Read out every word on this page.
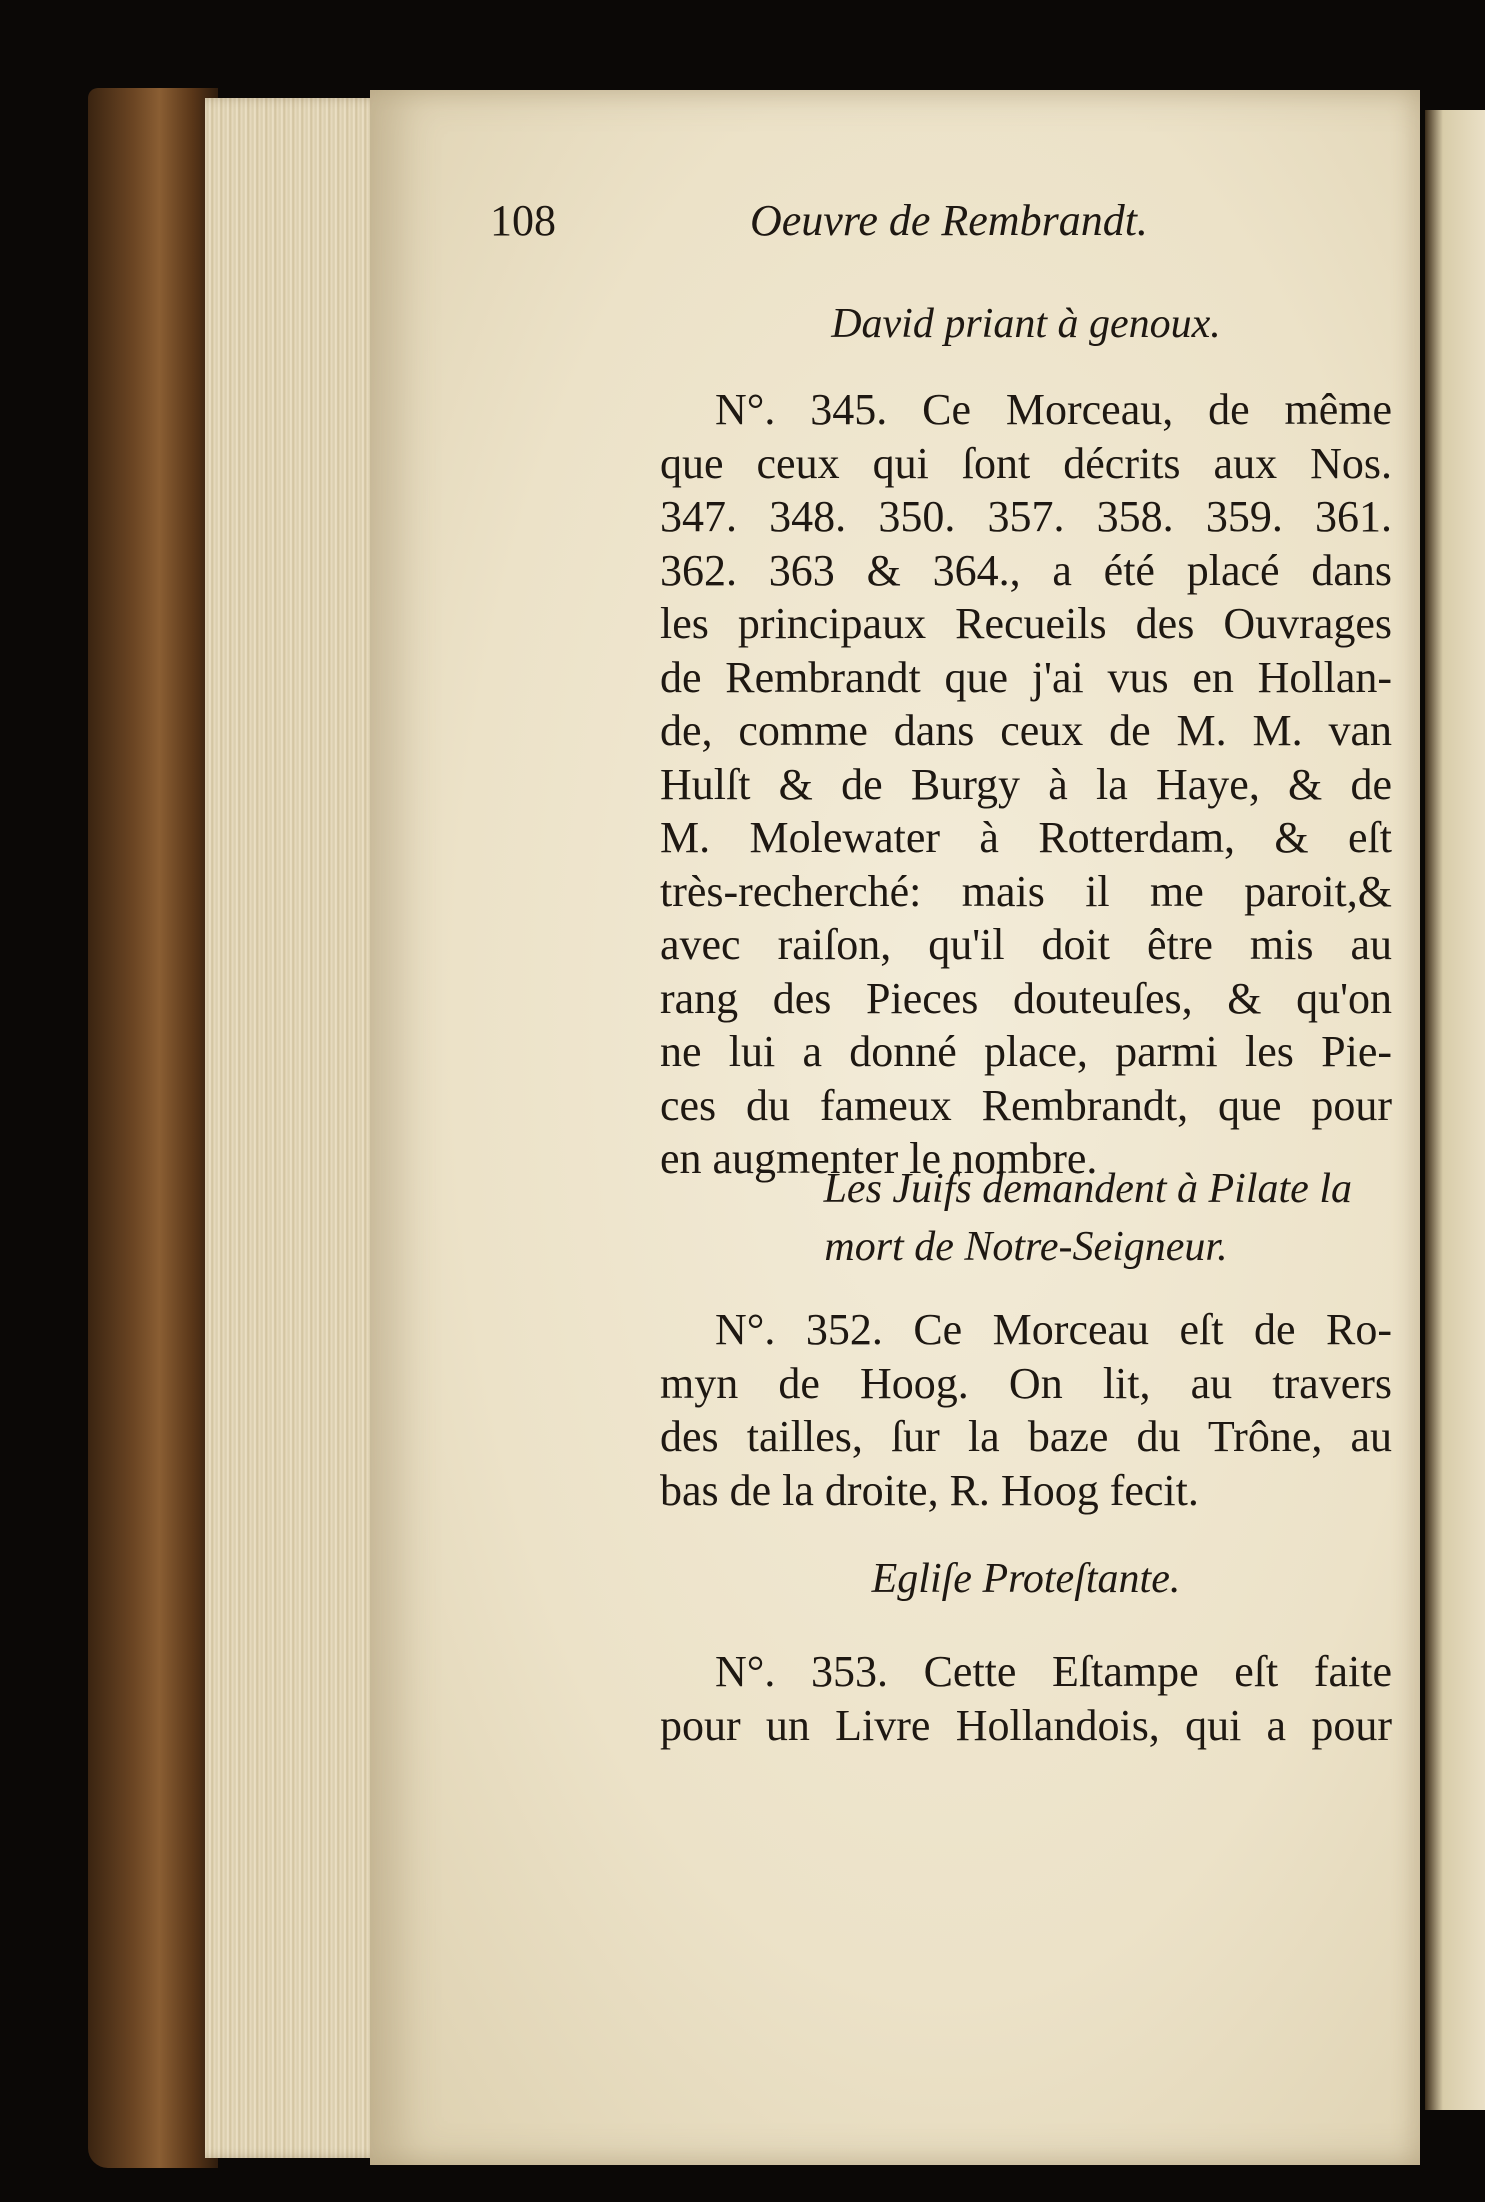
108	Oeuvre de Rembrandt.
David priant à genoux.
N°. 345. Ce Morceau, de même
que ceux qui ſont décrits aux Nos.
347. 348. 350. 357. 358. 359. 361.
362. 363 & 364., a été placé dans
les principaux Recueils des Ouvrages
de Rembrandt que j'ai vus en Hollan-
de, comme dans ceux de M. M. van
Hulſt & de Burgy à la Haye, & de
M. Molewater à Rotterdam, & eſt
très-recherché: mais il me paroit,&
avec raiſon, qu'il doit être mis au
rang des Pieces douteuſes, & qu'on
ne lui a donné place, parmi les Pie-
ces du fameux Rembrandt, que pour
en augmenter le nombre.
Les Juifs demandent à Pilate la
mort de Notre-Seigneur.
N°. 352. Ce Morceau eſt de Ro-
myn de Hoog. On lit, au travers
des tailles, ſur la baze du Trône, au
bas de la droite, R. Hoog fecit.
Egliſe Proteſtante.
N°. 353. Cette Eſtampe eſt faite
pour un Livre Hollandois, qui a pour
